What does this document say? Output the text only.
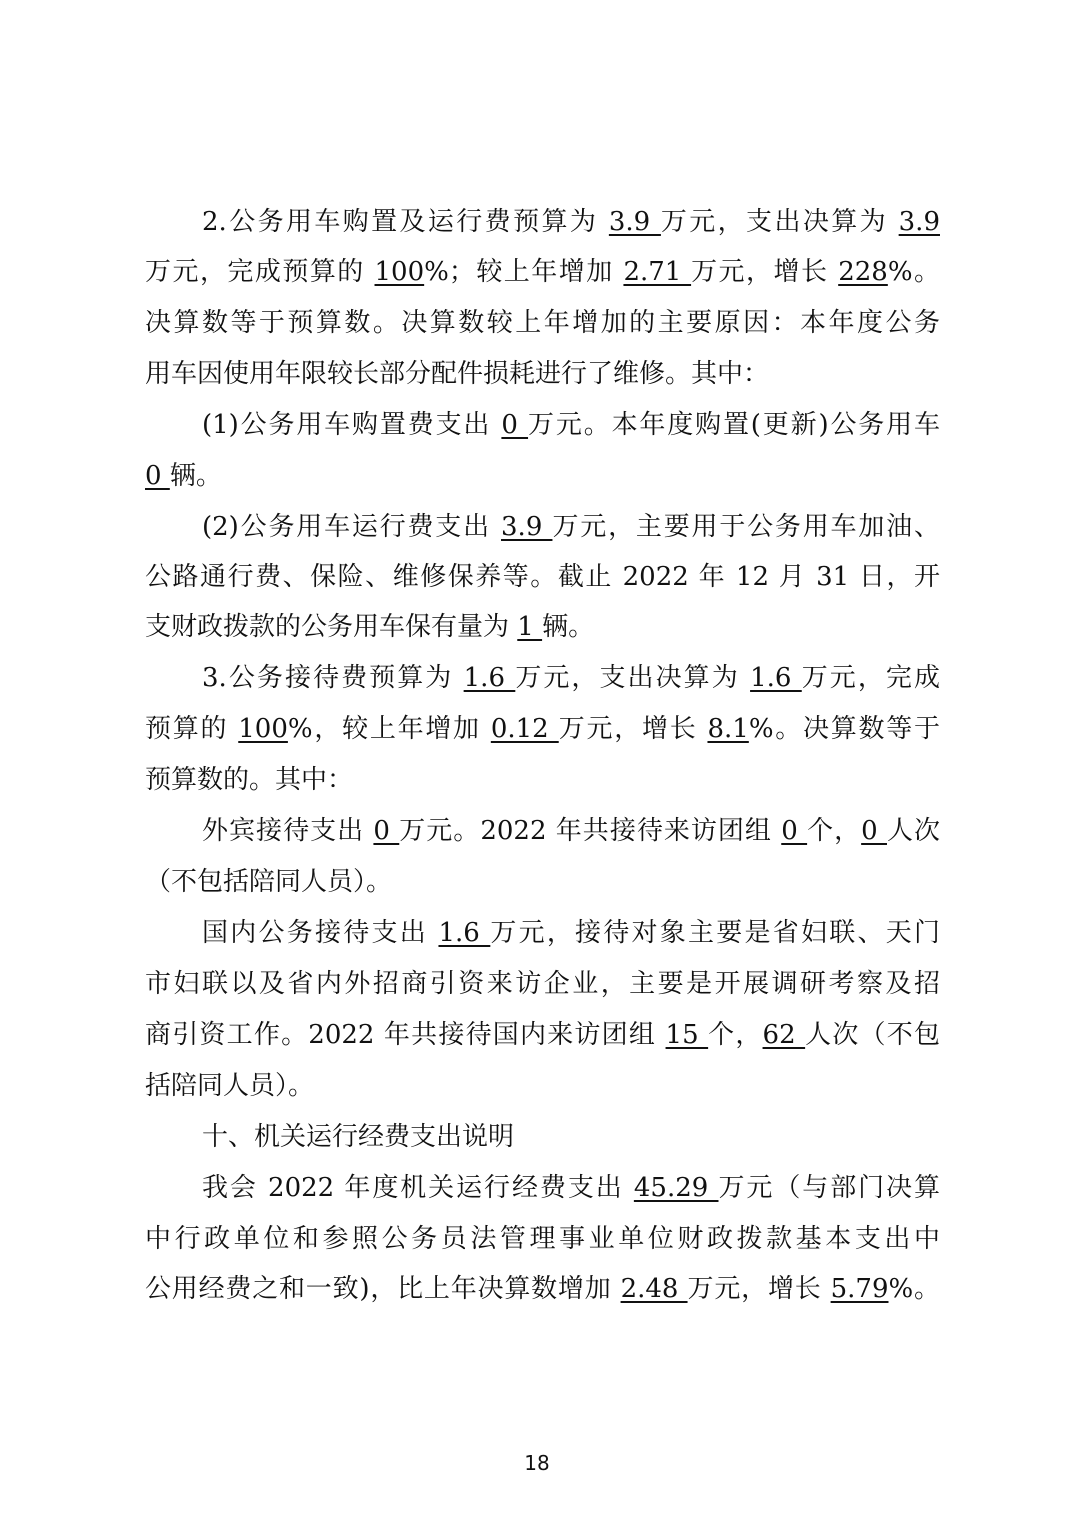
2.公务用车购置及运行费预算为 3.9 万元，支出决算为 3.9
万元，完成预算的 100%；较上年增加 2.71 万元，增长 228%。
决算数等于预算数。决算数较上年增加的主要原因：本年度公务
用车因使用年限较长部分配件损耗进行了维修。其中：
(1)公务用车购置费支出 0 万元。本年度购置(更新)公务用车
0 辆。
(2)公务用车运行费支出 3.9 万元，主要用于公务用车加油、
公路通行费、保险、维修保养等。截止 2022 年 12 月 31 日，开
支财政拨款的公务用车保有量为 1 辆。
3.公务接待费预算为 1.6 万元，支出决算为 1.6 万元，完成
预算的 100%，较上年增加 0.12 万元，增长 8.1%。决算数等于
预算数的。其中：
外宾接待支出 0 万元。2022 年共接待来访团组 0 个，0 人次
（不包括陪同人员）。
国内公务接待支出 1.6 万元，接待对象主要是省妇联、天门
市妇联以及省内外招商引资来访企业，主要是开展调研考察及招
商引资工作。2022 年共接待国内来访团组 15 个，62 人次（不包
括陪同人员）。
十、机关运行经费支出说明
我会 2022 年度机关运行经费支出 45.29 万元（与部门决算
中行政单位和参照公务员法管理事业单位财政拨款基本支出中
公用经费之和一致)，比上年决算数增加 2.48 万元，增长 5.79%。
18
